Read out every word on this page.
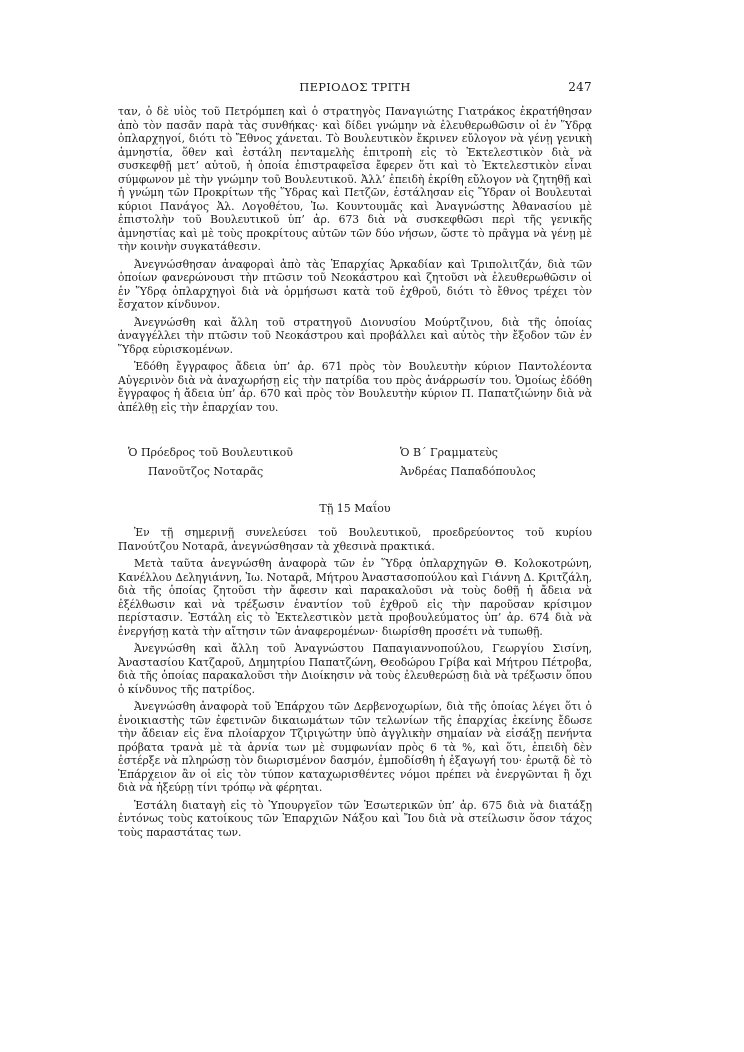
ΠΕΡΙΟΔΟΣ ΤΡΙΤΗ	247

ταν, ὁ δὲ υἱὸς τοῦ Πετρόμπεη καὶ ὁ στρατηγὸς Παναγιώτης Γιατράκος ἐκρατήθησαν ἀπὸ τὸν πασᾶν παρὰ τὰς συνθήκας· καὶ δίδει γνώμην νὰ ἐλευθερωθῶσιν οἱ ἐν Ὕδρᾳ ὁπλαρχηγοί, διότι τὸ Ἔθνος χάνεται. Τὸ Βουλευτικὸν ἔκρινεν εὔλογον νὰ γένῃ γενικὴ ἀμνηστία, ὅθεν καὶ ἐστάλη πενταμελὴς ἐπιτροπὴ εἰς τὸ Ἐκτελεστικὸν διὰ νὰ συσκεφθῇ μετ’ αὐτοῦ, ἡ ὁποία ἐπιστραφεῖσα ἔφερεν ὅτι καὶ τὸ Ἐκτελεστικὸν εἶναι σύμφωνον μὲ τὴν γνώμην τοῦ Βουλευτικοῦ. Ἀλλ’ ἐπειδὴ ἐκρίθη εὔλογον νὰ ζητηθῇ καὶ ἡ γνώμη τῶν Προκρίτων τῆς Ὕδρας καὶ Πετζῶν, ἐστάλησαν εἰς Ὕδραν οἱ Βουλευταὶ κύριοι Πανάγος Ἀλ. Λογοθέτου, Ἰω. Κουντουμᾶς καὶ Ἀναγνώστης Ἀθανασίου μὲ ἐπιστολὴν τοῦ Βουλευτικοῦ ὑπ’ ἀρ. 673 διὰ νὰ συσκεφθῶσι περὶ τῆς γενικῆς ἀμνηστίας καὶ μὲ τοὺς προκρίτους αὐτῶν τῶν δύο νήσων, ὥστε τὸ πρᾶγμα νὰ γένῃ μὲ τὴν κοινὴν συγκατάθεσιν.

Ἀνεγνώσθησαν ἀναφοραὶ ἀπὸ τὰς Ἐπαρχίας Ἀρκαδίαν καὶ Τριπολιτζάν, διὰ τῶν ὁποίων φανερώνουσι τὴν πτῶσιν τοῦ Νεοκάστρου καὶ ζητοῦσι νὰ ἐλευθερωθῶσιν οἱ ἐν Ὕδρᾳ ὁπλαρχηγοὶ διὰ νὰ ὁρμήσωσι κατὰ τοῦ ἐχθροῦ, διότι τὸ ἔθνος τρέχει τὸν ἔσχατον κίνδυνον.

Ἀνεγνώσθη καὶ ἄλλη τοῦ στρατηγοῦ Διονυσίου Μούρτζινου, διὰ τῆς ὁποίας ἀναγγέλλει τὴν πτῶσιν τοῦ Νεοκάστρου καὶ προβάλλει καὶ αὐτὸς τὴν ἔξοδον τῶν ἐν Ὕδρᾳ εὑρισκομένων.

Ἐδόθη ἔγγραφος ἄδεια ὑπ’ ἀρ. 671 πρὸς τὸν Βουλευτὴν κύριον Παντολέοντα Αὐγερινὸν διὰ νὰ ἀναχωρήσῃ εἰς τὴν πατρίδα του πρὸς ἀνάρρωσίν του. Ὁμοίως ἐδόθη ἔγγραφος ἡ ἄδεια ὑπ’ ἀρ. 670 καὶ πρὸς τὸν Βουλευτὴν κύριον Π. Παπατζιώνην διὰ νὰ ἀπέλθῃ εἰς τὴν ἐπαρχίαν του.

Ὁ Πρόεδρος τοῦ Βουλευτικοῦ
Πανοῦτζος Νοταρᾶς
Ὁ Β΄ Γραμματεὺς
Ἀνδρέας Παπαδόπουλος
Τῇ 15 Μαΐου

Ἐν τῇ σημερινῇ συνελεύσει τοῦ Βουλευτικοῦ, προεδρεύοντος τοῦ κυρίου Πανούτζου Νοταρᾶ, ἀνεγνώσθησαν τὰ χθεσινὰ πρακτικά.

Μετὰ ταῦτα ἀνεγνώσθη ἀναφορὰ τῶν ἐν Ὕδρᾳ ὁπλαρχηγῶν Θ. Κολοκοτρώνη, Κανέλλου Δεληγιάννη, Ἰω. Νοταρᾶ, Μήτρου Ἀναστασοπούλου καὶ Γιάννη Δ. Κριτζάλη, διὰ τῆς ὁποίας ζητοῦσι τὴν ἄφεσιν καὶ παρακαλοῦσι νὰ τοὺς δοθῇ ἡ ἄδεια νὰ ἐξέλθωσιν καὶ νὰ τρέξωσιν ἐναντίον τοῦ ἐχθροῦ εἰς τὴν παροῦσαν κρίσιμον περίστασιν. Ἐστάλη εἰς τὸ Ἐκτελεστικὸν μετὰ προβουλεύματος ὑπ’ ἀρ. 674 διὰ νὰ ἐνεργήσῃ κατὰ τὴν αἴτησιν τῶν ἀναφερομένων· διωρίσθη προσέτι νὰ τυπωθῇ.

Ἀνεγνώσθη καὶ ἄλλη τοῦ Ἀναγνώστου Παπαγιαννοπούλου, Γεωργίου Σισίνη, Ἀναστασίου Κατζαροῦ, Δημητρίου Παπατζώνη, Θεοδώρου Γρίβα καὶ Μήτρου Πέτροβα, διὰ τῆς ὁποίας παρακαλοῦσι τὴν Διοίκησιν νὰ τοὺς ἐλευθερώσῃ διὰ νὰ τρέξωσιν ὅπου ὁ κίνδυνος τῆς πατρίδος.

Ἀνεγνώσθη ἀναφορὰ τοῦ Ἐπάρχου τῶν Δερβενοχωρίων, διὰ τῆς ὁποίας λέγει ὅτι ὁ ἐνοικιαστὴς τῶν ἐφετινῶν δικαιωμάτων τῶν τελωνίων τῆς ἐπαρχίας ἐκείνης ἔδωσε τὴν ἄδειαν εἰς ἕνα πλοίαρχον Τζιριγώτην ὑπὸ ἀγγλικὴν σημαίαν νὰ εἰσάξῃ πενήντα πρόβατα τρανὰ μὲ τὰ ἀρνία των μὲ συμφωνίαν πρὸς 6 τὰ %, καὶ ὅτι, ἐπειδὴ δὲν ἐστέρξε νὰ πληρώσῃ τὸν διωρισμένον δασμόν, ἐμποδίσθη ἡ ἐξαγωγή του· ἐρωτᾷ δὲ τὸ Ἐπάρχειον ἂν οἱ εἰς τὸν τύπον καταχωρισθέντες νόμοι πρέπει νὰ ἐνεργῶνται ἢ ὄχι διὰ νὰ ἠξεύρῃ τίνι τρόπῳ νὰ φέρηται.

Ἐστάλη διαταγὴ εἰς τὸ Ὑπουργεῖον τῶν Ἐσωτερικῶν ὑπ’ ἀρ. 675 διὰ νὰ διατάξῃ ἐντόνως τοὺς κατοίκους τῶν Ἐπαρχιῶν Νάξου καὶ Ἴου διὰ νὰ στείλωσιν ὅσον τάχος τοὺς παραστάτας των.
